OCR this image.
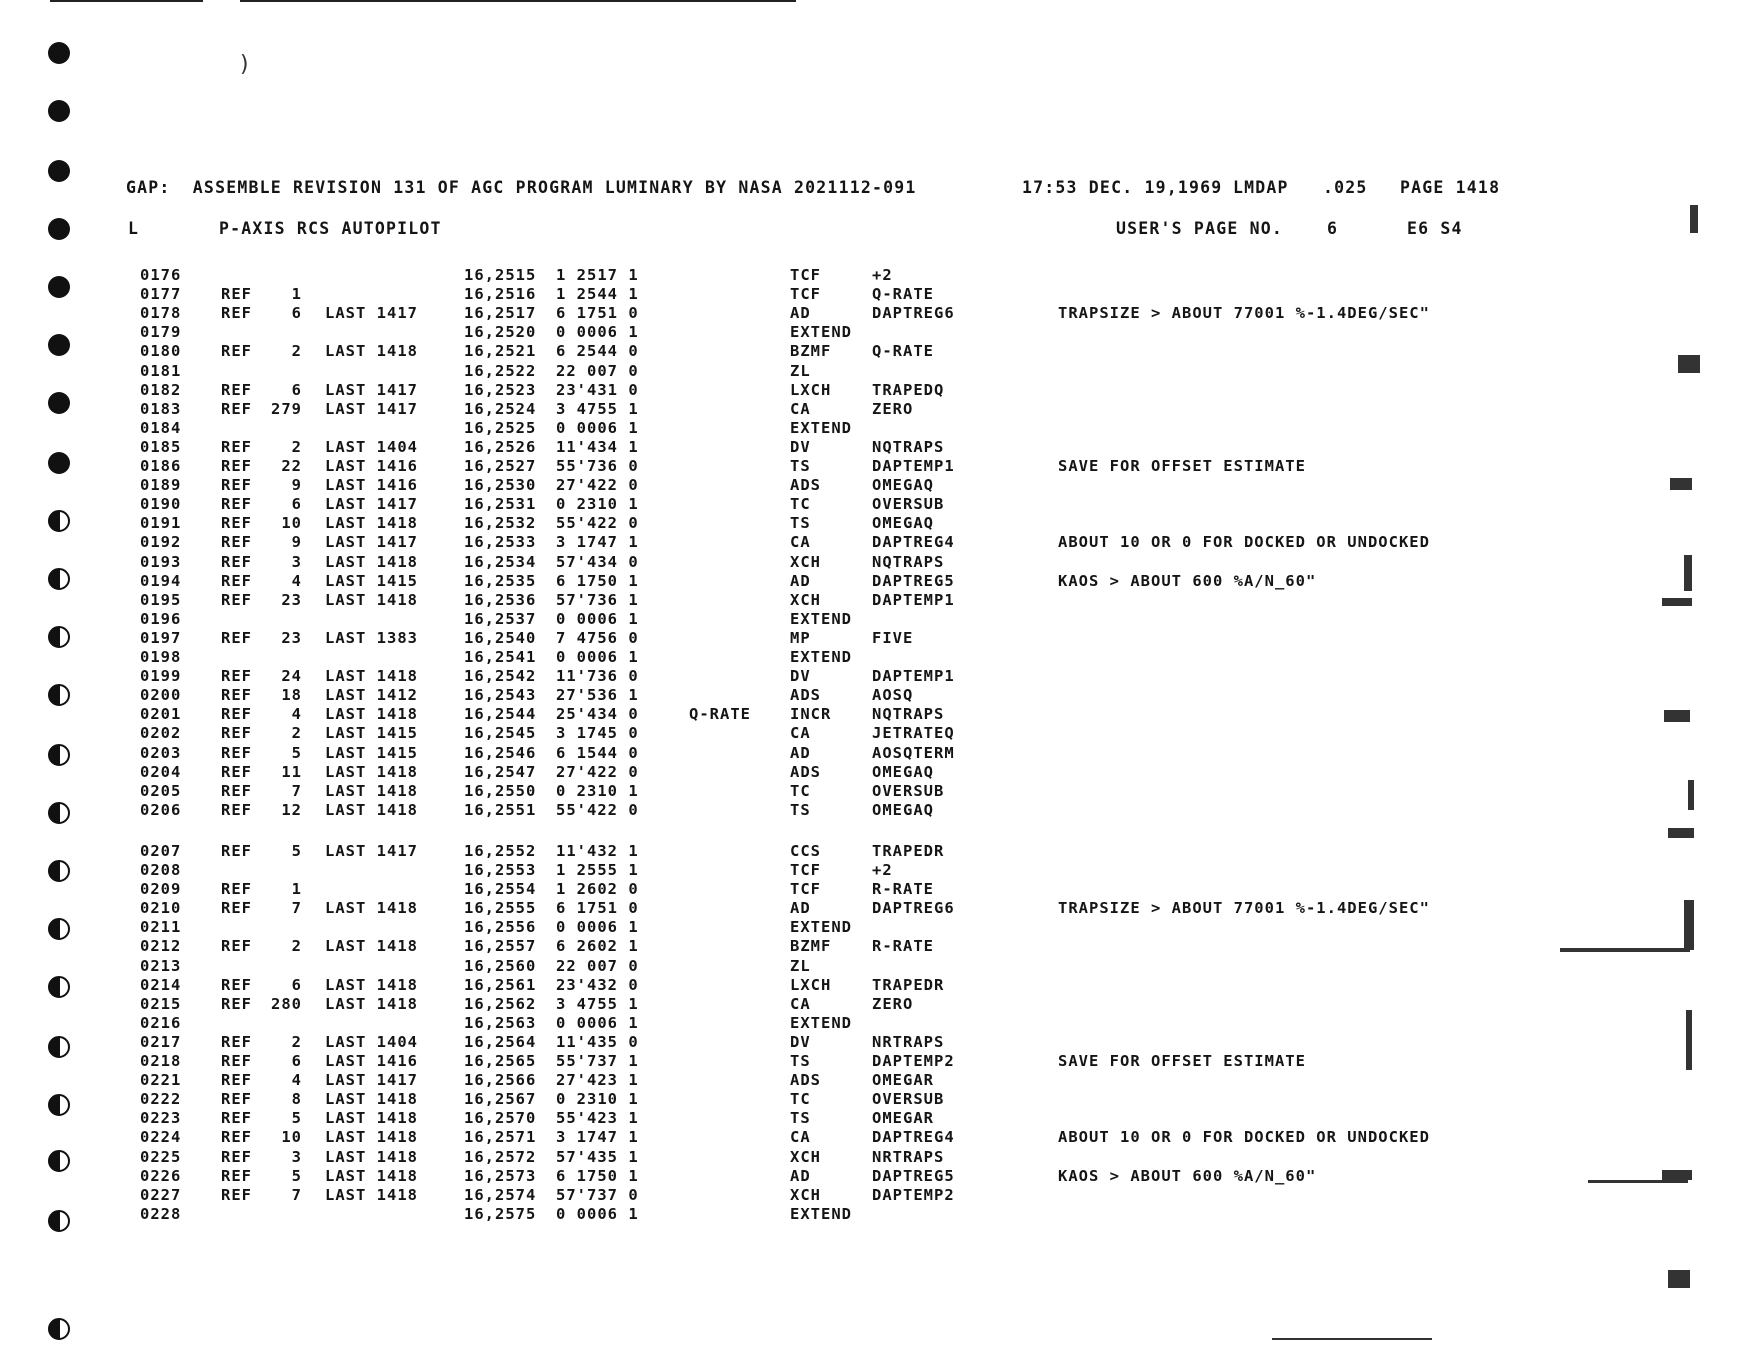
)
GAP:  ASSEMBLE REVISION 131 OF AGC PROGRAM LUMINARY BY NASA 2021112-091	17:53 DEC. 19,1969 LMDAP .025 PAGE 1418
L	P-AXIS RCS AUTOPILOT	USER'S PAGE NO.	6	E6 S4
0176	16,2515 1 2517 1	TCF	+2
0177	REF	1	16,2516 1 2544 1	TCF	Q-RATE
0178	REF	6 LAST 1417	16,2517 6 1751 0	AD	DAPTREG6	TRAPSIZE > ABOUT 77001 %-1.4DEG/SEC"
0179	16,2520 0 0006 1	EXTEND
0180	REF	2 LAST 1418	16,2521 6 2544 0	BZMF	Q-RATE
0181	16,2522 22 007 0	ZL
0182	REF	6 LAST 1417	16,2523 23'431 0	LXCH	TRAPEDQ
0183	REF	279 LAST 1417	16,2524 3 4755 1	CA	ZERO
0184	16,2525 0 0006 1	EXTEND
0185	REF	2 LAST 1404	16,2526 11'434 1	DV	NQTRAPS
0186	REF	22 LAST 1416	16,2527 55'736 0	TS	DAPTEMP1	SAVE FOR OFFSET ESTIMATE
0189	REF	9 LAST 1416	16,2530 27'422 0	ADS	OMEGAQ
0190	REF	6 LAST 1417	16,2531 0 2310 1	TC	OVERSUB
0191	REF	10 LAST 1418	16,2532 55'422 0	TS	OMEGAQ
0192	REF	9 LAST 1417	16,2533 3 1747 1	CA	DAPTREG4	ABOUT 10 OR 0 FOR DOCKED OR UNDOCKED
0193	REF	3 LAST 1418	16,2534 57'434 0	XCH	NQTRAPS
0194	REF	4 LAST 1415	16,2535 6 1750 1	AD	DAPTREG5	KAOS > ABOUT 600 %A/N_60"
0195	REF	23 LAST 1418	16,2536 57'736 1	XCH	DAPTEMP1
0196	16,2537 0 0006 1	EXTEND
0197	REF	23 LAST 1383	16,2540 7 4756 0	MP	FIVE
0198	16,2541 0 0006 1	EXTEND
0199	REF	24 LAST 1418	16,2542 11'736 0	DV	DAPTEMP1
0200	REF	18 LAST 1412	16,2543 27'536 1	ADS	AOSQ
0201	REF	4 LAST 1418	16,2544 25'434 0	Q-RATE	INCR	NQTRAPS
0202	REF	2 LAST 1415	16,2545 3 1745 0	CA	JETRATEQ
0203	REF	5 LAST 1415	16,2546 6 1544 0	AD	AOSQTERM
0204	REF	11 LAST 1418	16,2547 27'422 0	ADS	OMEGAQ
0205	REF	7 LAST 1418	16,2550 0 2310 1	TC	OVERSUB
0206	REF	12 LAST 1418	16,2551 55'422 0	TS	OMEGAQ
0207	REF	5 LAST 1417	16,2552 11'432 1	CCS	TRAPEDR
0208	16,2553 1 2555 1	TCF	+2
0209	REF	1	16,2554 1 2602 0	TCF	R-RATE
0210	REF	7 LAST 1418	16,2555 6 1751 0	AD	DAPTREG6	TRAPSIZE > ABOUT 77001 %-1.4DEG/SEC"
0211	16,2556 0 0006 1	EXTEND
0212	REF	2 LAST 1418	16,2557 6 2602 1	BZMF	R-RATE
0213	16,2560 22 007 0	ZL
0214	REF	6 LAST 1418	16,2561 23'432 0	LXCH	TRAPEDR
0215	REF	280 LAST 1418	16,2562 3 4755 1	CA	ZERO
0216	16,2563 0 0006 1	EXTEND
0217	REF	2 LAST 1404	16,2564 11'435 0	DV	NRTRAPS
0218	REF	6 LAST 1416	16,2565 55'737 1	TS	DAPTEMP2	SAVE FOR OFFSET ESTIMATE
0221	REF	4 LAST 1417	16,2566 27'423 1	ADS	OMEGAR
0222	REF	8 LAST 1418	16,2567 0 2310 1	TC	OVERSUB
0223	REF	5 LAST 1418	16,2570 55'423 1	TS	OMEGAR
0224	REF	10 LAST 1418	16,2571 3 1747 1	CA	DAPTREG4	ABOUT 10 OR 0 FOR DOCKED OR UNDOCKED
0225	REF	3 LAST 1418	16,2572 57'435 1	XCH	NRTRAPS
0226	REF	5 LAST 1418	16,2573 6 1750 1	AD	DAPTREG5	KAOS > ABOUT 600 %A/N_60"
0227	REF	7 LAST 1418	16,2574 57'737 0	XCH	DAPTEMP2
0228	16,2575 0 0006 1	EXTEND
